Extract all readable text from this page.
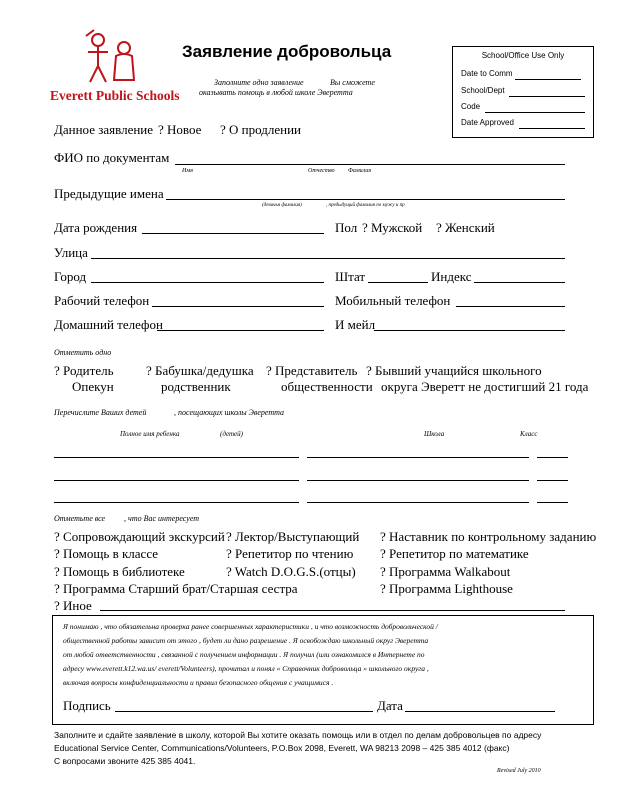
Everett Public Schools
Заявление добровольца
Заполните одно заявление	Вы сможете
оказывать помощь в любой школе Эверетта
School/Office Use Only
Date to Comm
School/Dept
Code
Date Approved
Данное заявление ? Новое ? О продлении
ФИО по документам
Имя	Отчество Фамилия
Предыдущие имена
(девичья фамилия)	, предыдущий фамилия по мужу и пр
Дата рождения	Пол ? Мужской ? Женский
Улица
Город	Штат	Индекс
Рабочий телефон	Мобильный телефон
Домашний телефон	И мейл
Отметить одно
? Родитель
Опекун
? Бабушка/дедушка
родственник
? Представитель
общественности
? Бывший учащийся школьного
округа Эверетт не достигший 21 года
Перечислите Ваших детей	, посещающих школы Эверетта
Полное имя ребенка	(детей)	Школа	Класс
Отметьте все , что Вас интересует
? Сопровождающий экскурсий ? Лектор/Выступающий ? Наставник по контрольному заданию
? Помощь в классе	? Репетитор по чтению ? Репетитор по математике
? Помощь в библиотеке	? Watch D.O.G.S.(отцы) ? Программа Walkabout
? Программа Старший брат/Старшая сестра	? Программа Lighthouse
? Иное
Я понимаю , что обязательна проверка ранее совершенных характеристики , и что возможность добровольческой /
общественной работы зависит от этого , будет ли дано разрешение . Я освобождаю школьный округ Эверетта
от любой ответственности , связанной с получением информации . Я получил (или ознакомился в Интернете по
адресу www.everett.k12.wa.us/ everett/Volunteers), прочитал и понял « Справочник добровольца » школьного округа ,
включая вопросы конфиденциальности и правил безопасного общения с учащимися .
Подпись	Дата
Заполните и сдайте заявление в школу, которой Вы хотите оказать помощь или в отдел по делам добровольцев по адресу
Educational Service Center, Communications/Volunteers, P.O.Box 2098, Everett, WA 98213 2098 – 425 385 4012 (факс)
С вопросами звоните 425 385 4041.
Revised July 2010
